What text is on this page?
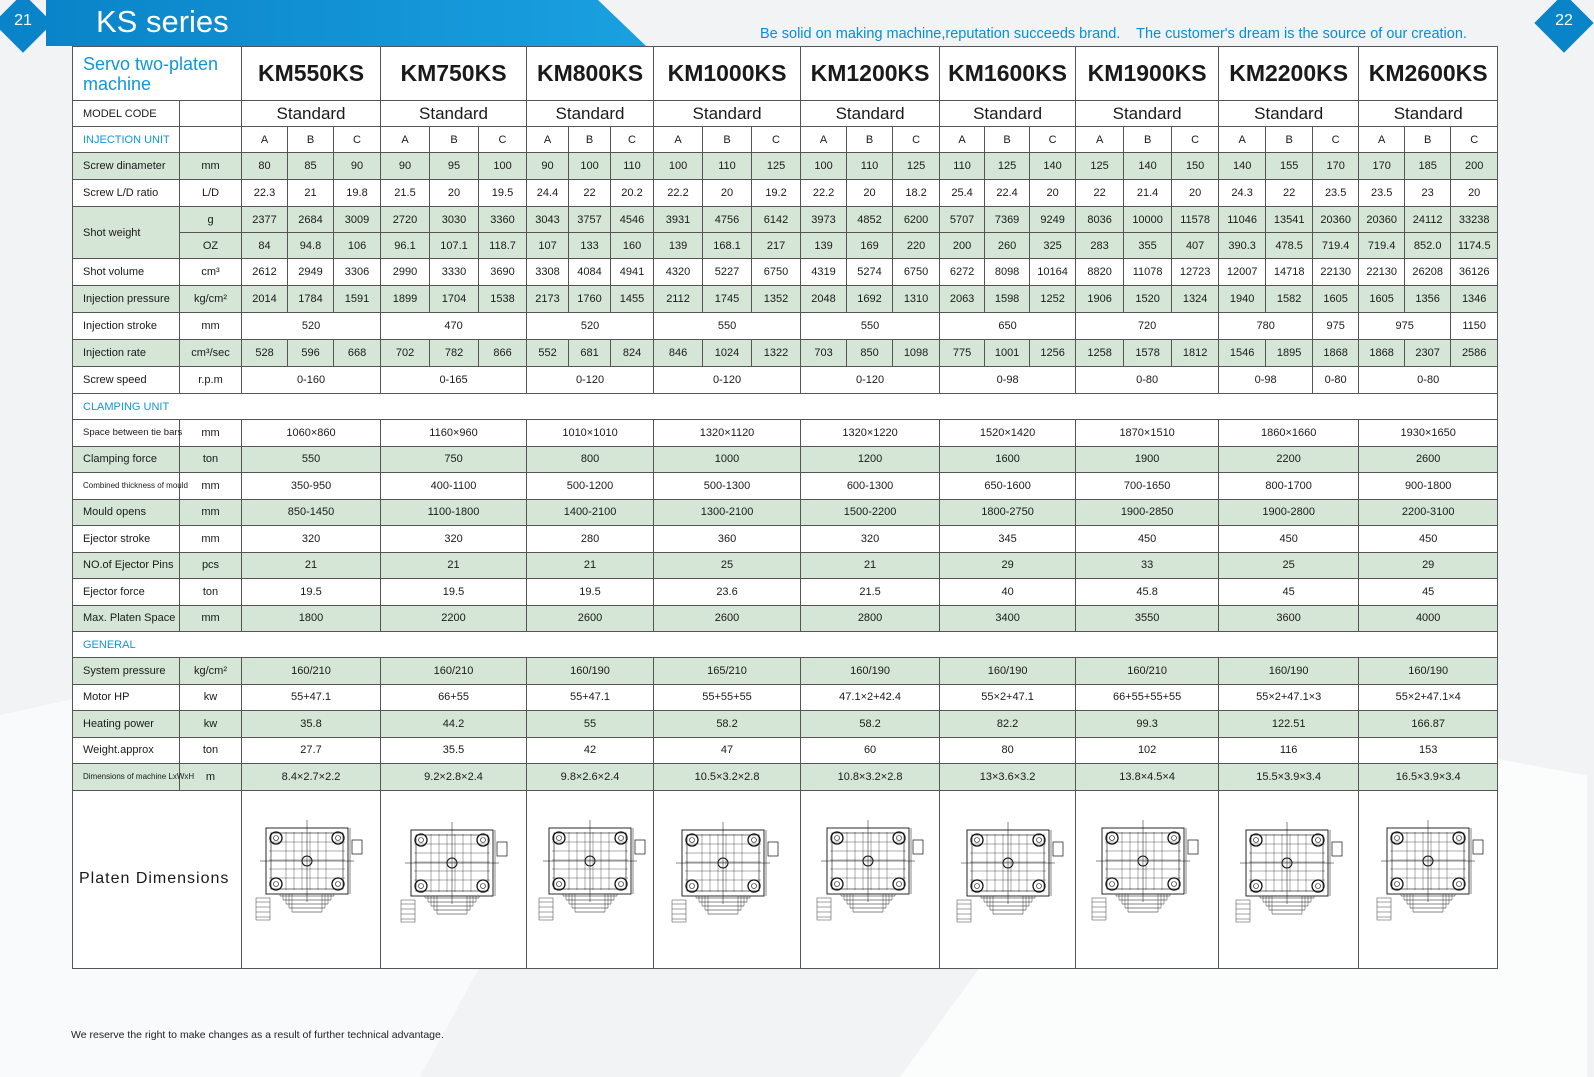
KS series
21
Be solid on making machine,reputation succeeds brand.    The customer's dream is the source of our creation.
22
Servo two-platen machine		KM550KS			KM750KS			KM800KS			KM1000KS			KM1200KS			KM1600KS			KM1900KS			KM2200KS			KM2600KS		
MODEL CODE		Standard			Standard			Standard			Standard			Standard			Standard			Standard			Standard			Standard		
INJECTION UNIT		A	B	C	A	B	C	A	B	C	A	B	C	A	B	C	A	B	C	A	B	C	A	B	C	A	B	C
Screw dinameter	mm	80	85	90	90	95	100	90	100	110	100	110	125	100	110	125	110	125	140	125	140	150	140	155	170	170	185	200
Screw L/D ratio	L/D	22.3	21	19.8	21.5	20	19.5	24.4	22	20.2	22.2	20	19.2	22.2	20	18.2	25.4	22.4	20	22	21.4	20	24.3	22	23.5	23.5	23	20
Shot weight	g	2377	2684	3009	2720	3030	3360	3043	3757	4546	3931	4756	6142	3973	4852	6200	5707	7369	9249	8036	10000	11578	11046	13541	20360	20360	24112	33238
	OZ	84	94.8	106	96.1	107.1	118.7	107	133	160	139	168.1	217	139	169	220	200	260	325	283	355	407	390.3	478.5	719.4	719.4	852.0	1174.5
Shot volume	cm³	2612	2949	3306	2990	3330	3690	3308	4084	4941	4320	5227	6750	4319	5274	6750	6272	8098	10164	8820	11078	12723	12007	14718	22130	22130	26208	36126
Injection pressure	kg/cm²	2014	1784	1591	1899	1704	1538	2173	1760	1455	2112	1745	1352	2048	1692	1310	2063	1598	1252	1906	1520	1324	1940	1582	1605	1605	1356	1346
Injection stroke	mm	520			470			520			550			550			650			720			780		975	975		1150
Injection rate	cm³/sec	528	596	668	702	782	866	552	681	824	846	1024	1322	703	850	1098	775	1001	1256	1258	1578	1812	1546	1895	1868	1868	2307	2586
Screw speed	r.p.m	0-160			0-165			0-120			0-120			0-120			0-98			0-80			0-98		0-80	0-80		
CLAMPING UNIT																												
Space between tie bars	mm	1060×860			1160×960			1010×1010			1320×1120			1320×1220			1520×1420			1870×1510			1860×1660			1930×1650		
Clamping force	ton	550			750			800			1000			1200			1600			1900			2200			2600		
Combined thickness of mould	mm	350-950			400-1100			500-1200			500-1300			600-1300			650-1600			700-1650			800-1700			900-1800		
Mould opens	mm	850-1450			1100-1800			1400-2100			1300-2100			1500-2200			1800-2750			1900-2850			1900-2800			2200-3100		
Ejector stroke	mm	320			320			280			360			320			345			450			450			450		
NO.of Ejector Pins	pcs	21			21			21			25			21			29			33			25			29		
Ejector force	ton	19.5			19.5			19.5			23.6			21.5			40			45.8			45			45		
Max. Platen Space	mm	1800			2200			2600			2600			2800			3400			3550			3600			4000		
GENERAL																												
System pressure	kg/cm²	160/210			160/210			160/190			165/210			160/190			160/190			160/210			160/190			160/190		
Motor HP	kw	55+47.1			66+55			55+47.1			55+55+55			47.1×2+42.4			55×2+47.1			66+55+55+55			55×2+47.1×3			55×2+47.1×4		
Heating power	kw	35.8			44.2			55			58.2			58.2			82.2			99.3			122.51			166.87		
Weight.approx	ton	27.7			35.5			42			47			60			80			102			116			153		
Dimensions of machine LxWxH	m	8.4×2.7×2.2			9.2×2.8×2.4			9.8×2.6×2.4			10.5×3.2×2.8			10.8×3.2×2.8			13×3.6×3.2			13.8×4.5×4			15.5×3.9×3.4			16.5×3.9×3.4		
Platen Dimensions	

We reserve the right to make changes as a result of further technical advantage.
